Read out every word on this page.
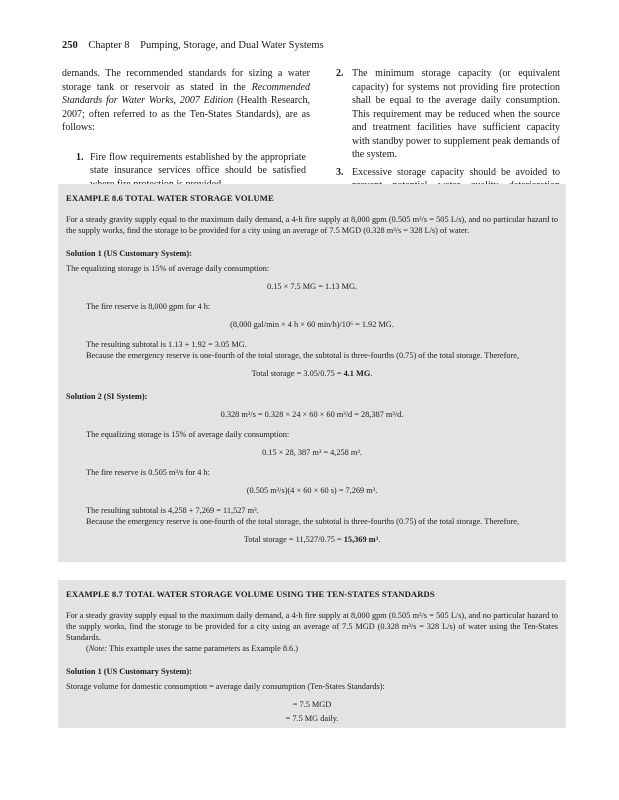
250 Chapter 8 Pumping, Storage, and Dual Water Systems

demands. The recommended standards for sizing a water storage tank or reservoir as stated in the Recommended Standards for Water Works, 2007 Edition (Health Research, 2007; often referred to as the Ten-States Standards), are as follows:

1. Fire flow requirements established by the appropriate state insurance services office should be satisfied
2. The minimum storage capacity (or equivalent capacity) for systems not providing fire protection shall be equal to the average daily consumption. This requirement may be reduced when the source and treatment facilities have sufficient capacity with standby power to supplement peak demands of the system.
3. Excessive storage capacity should be avoided to
EXAMPLE 8.6 TOTAL WATER STORAGE VOLUME

For a steady gravity supply equal to the maximum daily demand, a 4-h fire supply at 8,000 gpm (0.505 m³/s = 505 L/s), and no particular hazard to the supply works, find the storage to be provided for a city using an average of 7.5 MGD (0.328 m³/s = 328 L/s) of water.

Solution 1 (US Customary System):

The equalizing storage is 15% of average daily consumption:

0.15 × 7.5 MG = 1.13 MG.

The fire reserve is 8,000 gpm for 4 h:

(8,000 gal/min × 4 h × 60 min/h)/10⁶ = 1.92 MG.

The resulting subtotal is 1.13 + 1.92 = 3.05 MG.

Because the emergency reserve is one-fourth of the total storage, the subtotal is three-fourths (0.75) of the total storage. Therefore,

Total storage = 3.05/0.75 = 4.1 MG.
Solution 2 (SI System):
0.328 m³/s = 0.328 × 24 × 60 × 60 m³/d = 28,387 m³/d.

The equalizing storage is 15% of average daily consumption:

0.15 × 28, 387 m³ = 4,258 m³.

The fire reserve is 0.505 m³/s for 4 h:

(0.505 m³/s)(4 × 60 × 60 s) = 7,269 m³.

The resulting subtotal is 4,258 + 7,269 = 11,527 m³.

Because the emergency reserve is one-fourth of the total storage, the subtotal is three-fourths (0.75) of the total storage. Therefore,

Total storage = 11,527/0.75 = 15,369 m³.
EXAMPLE 8.7 TOTAL WATER STORAGE VOLUME USING THE TEN-STATES STANDARDS

For a steady gravity supply equal to the maximum daily demand, a 4-h fire supply at 8,000 gpm (0.505 m³/s = 505 L/s), and no particular hazard to the supply works, find the storage to be provided for a city using an average of 7.5 MGD (0.328 m³/s = 328 L/s) of water using the Ten-States Standards.

(Note: This example uses the same parameters as Example 8.6.)

Solution 1 (US Customary System):

Storage volume for domestic consumption = average daily consumption (Ten-States Standards):

= 7.5 MGD
= 7.5 MG daily.
